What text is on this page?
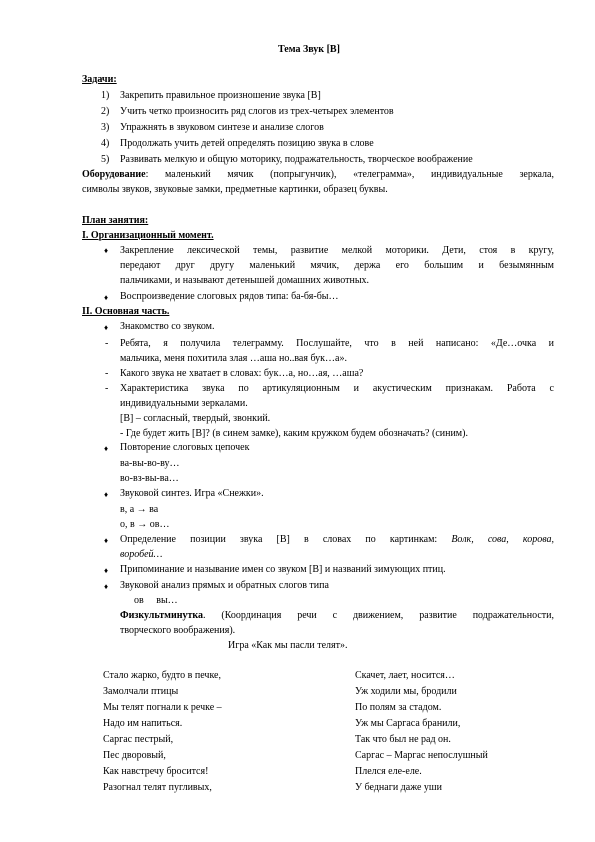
Тема Звук [В]
Задачи:
1) Закрепить правильное произношение звука [В]
2) Учить четко произносить ряд слогов из трех-четырех элементов
3) Упражнять в звуковом синтезе и анализе слогов
4) Продолжать учить детей определять позицию звука в слове
5) Развивать мелкую и общую моторику, подражательность, творческое воображение
Оборудование: маленький мячик (попрыгунчик), «телеграмма», индивидуальные зеркала,
символы звуков, звуковые замки, предметные картинки, образец буквы.
План занятия:
I. Организационный момент.
♦ Закрепление лексической темы, развитие мелкой моторики. Дети, стоя в кругу,
передают друг другу маленький мячик, держа его большим и безымянным
пальчиками, и называют детенышей домашних животных.
♦ Воспроизведение слоговых рядов типа: ба-бя-бы…
II. Основная часть.
♦ Знакомство со звуком.
- Ребята, я получила телеграмму. Послушайте, что в ней написано: «Де…очка и
мальчика, меня похитила злая …аша но..вая бук…а».
- Какого звука не хватает в словах: бук…а, но…ая, …аша?
- Характеристика звука по артикуляционным и акустическим признакам. Работа с
индивидуальными зеркалами.
[В] – согласный, твердый, звонкий.
- Где будет жить [В]? (в синем замке), каким кружком будем обозначать? (синим).
♦ Повторение слоговых цепочек
ва-вы-во-ву…
во-вз-вы-ва…
♦ Звуковой синтез. Игра «Снежки».
в, а → ва
о, в → ов…
♦ Определение позиции звука [В] в словах по картинкам: Волк, сова, корова,
воробей…
♦ Припоминание и называние имен со звуком [В] и названий зимующих птиц.
♦ Звуковой анализ прямых и обратных слогов типа
ов     вы…
Физкультминутка. (Координация речи с движением, развитие подражательности,
творческого воображения).
Игра «Как мы пасли телят».
Стало жарко, будто в печке,
Замолчали птицы
Мы телят погнали к речке –
Надо им напиться.
Саргас пестрый,
Пес дворовый,
Как навстречу бросится!
Разогнал телят пугливых,
Скачет, лает, носится…
Уж ходили мы, бродили
По полям за стадом.
Уж мы Саргаса бранили,
Так что был не рад он.
Саргас – Маргас непослушный
Плелся еле-еле.
У беднаги даже уши
